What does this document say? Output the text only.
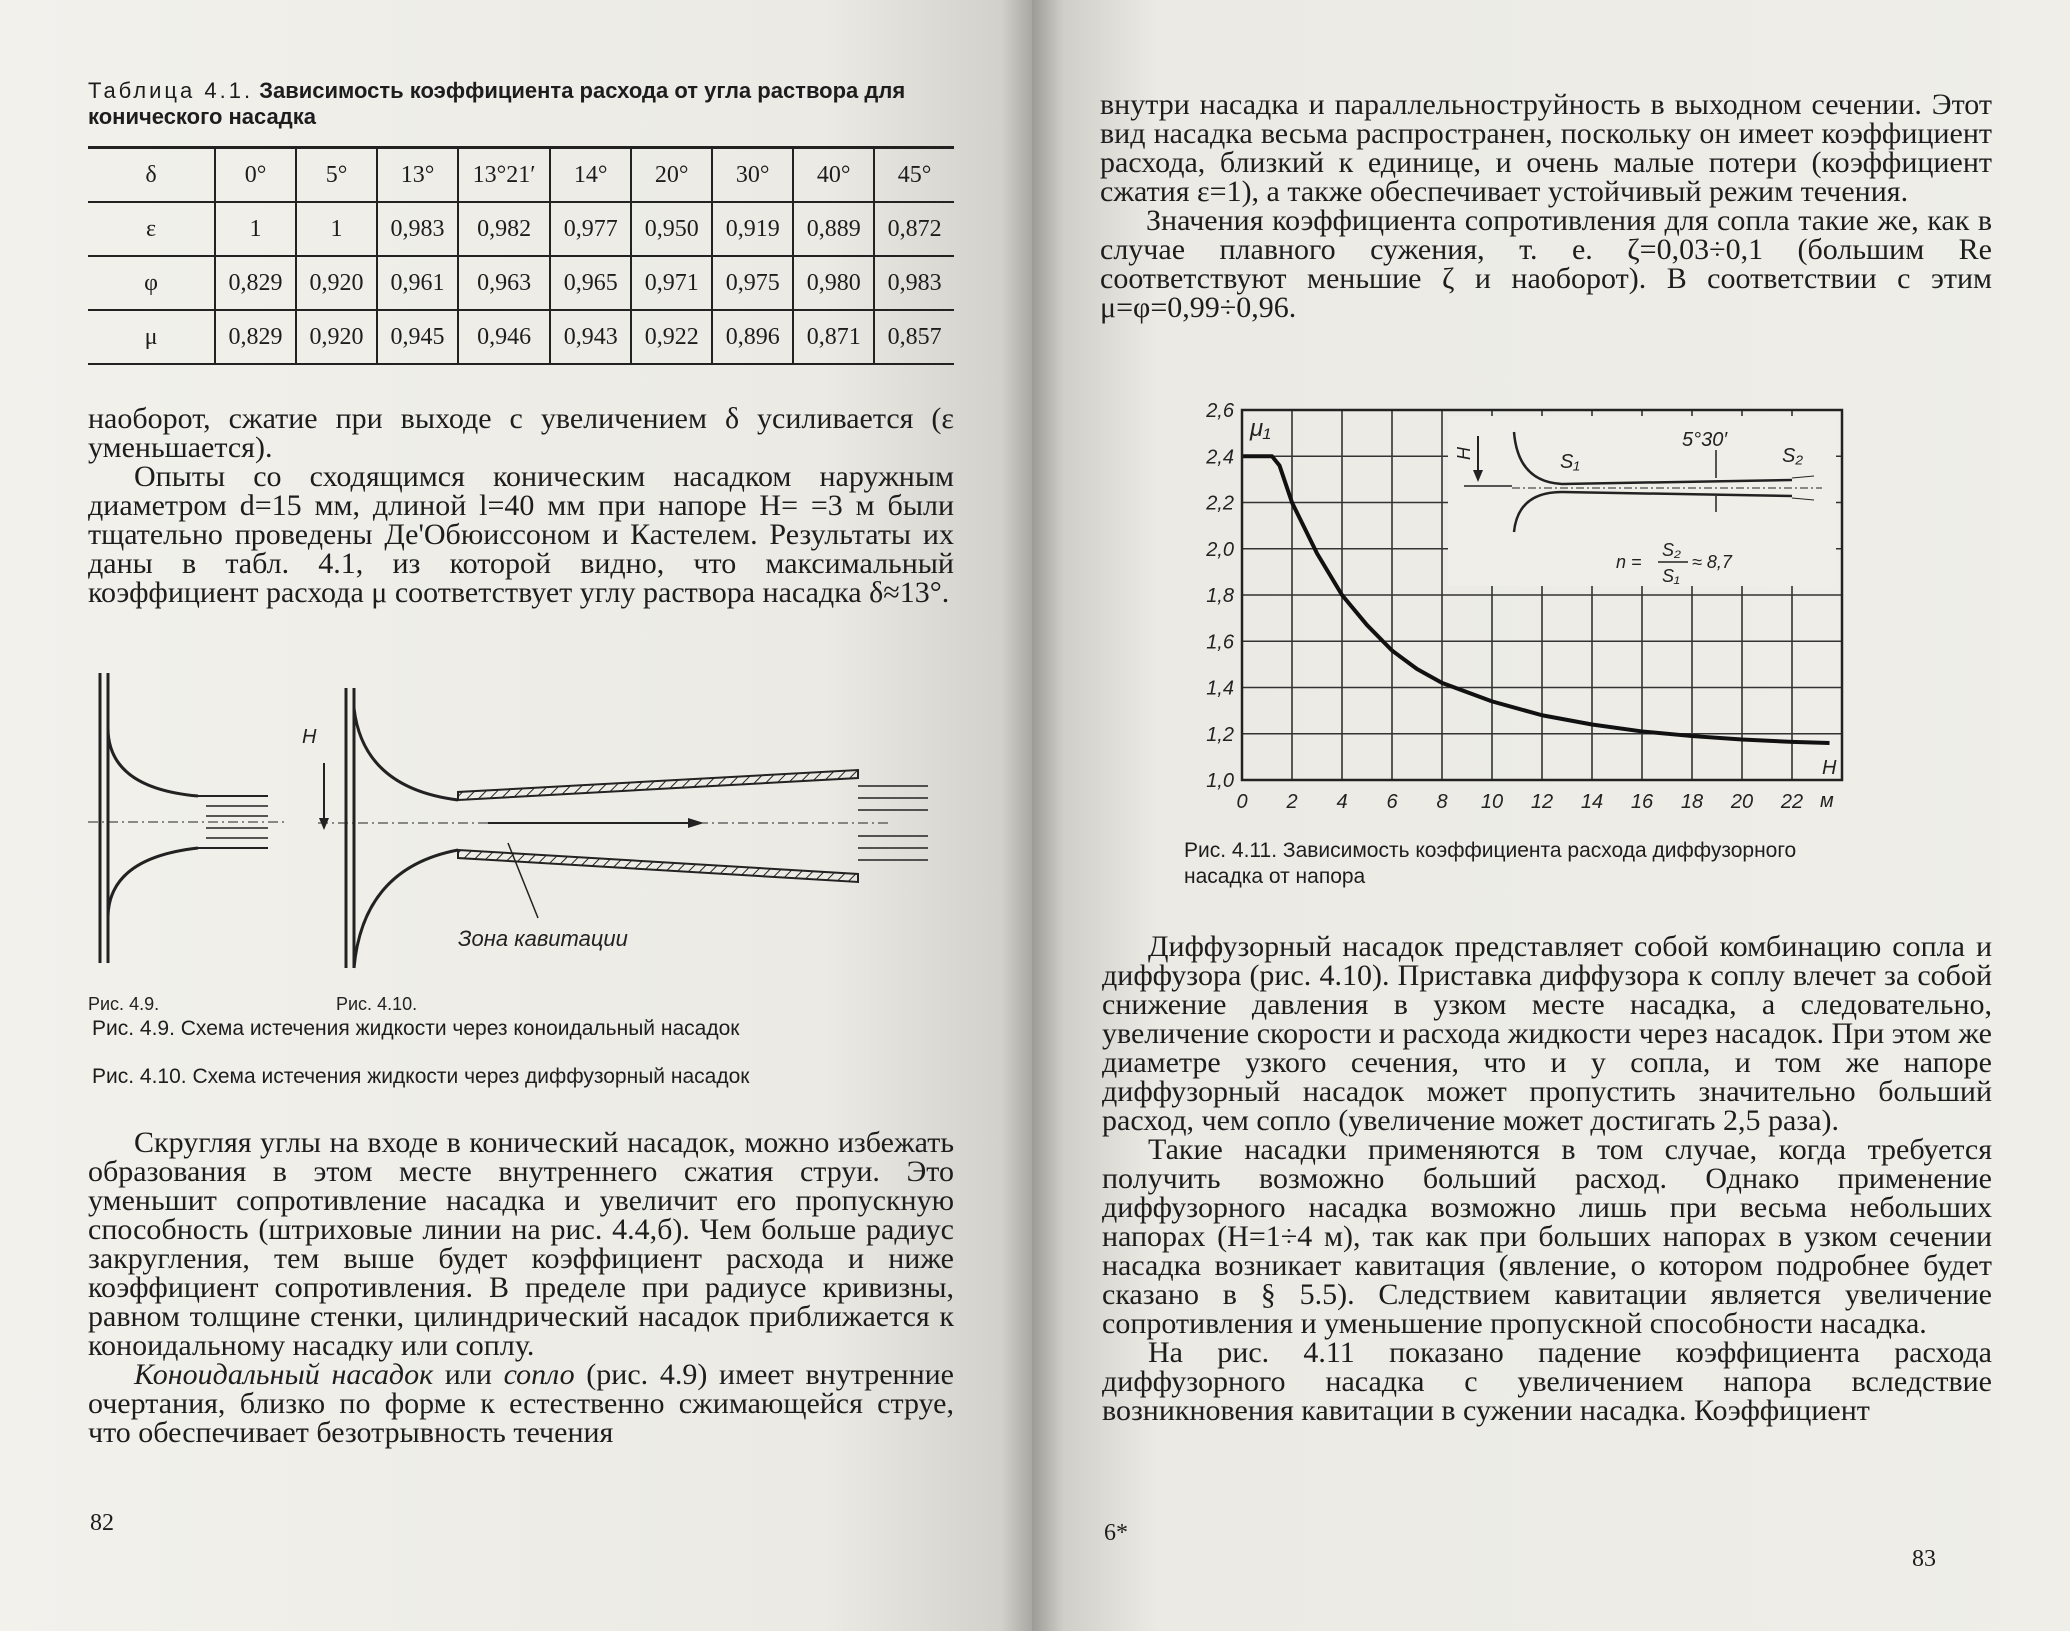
Таблица 4.1. Зависимость коэффициента расхода от угла раствора для конического насадка
δ	0°	5°	13°	13°21′	14°	20°	30°	40°	45°
ε	1	1	0,983	0,982	0,977	0,950	0,919	0,889	0,872
φ	0,829	0,920	0,961	0,963	0,965	0,971	0,975	0,980	0,983
μ	0,829	0,920	0,945	0,946	0,943	0,922	0,896	0,871	0,857

наоборот, сжатие при выходе с увеличением δ усиливается (ε уменьшается).

Опыты со сходящимся коническим насадком наружным диаметром d=15 мм, длиной l=40 мм при напоре H= =3 м были тщательно проведены Де'Обюиссоном и Кастелем. Результаты их даны в табл. 4.1, из которой видно, что максимальный коэффициент расхода μ соответствует углу раствора насадка δ≈13°.

H
Зона кавитации
Рис. 4.9.	Рис. 4.10.
Рис. 4.9. Схема истечения жидкости через коноидальный насадок
Рис. 4.10. Схема истечения жидкости через диффузорный насадок

Скругляя углы на входе в конический насадок, можно избежать образования в этом месте внутреннего сжатия струи. Это уменьшит сопротивление насадка и увеличит его пропускную способность (штриховые линии на рис. 4.4,б). Чем больше радиус закругления, тем выше будет коэффициент расхода и ниже коэффициент сопротивления. В пределе при радиусе кривизны, равном толщине стенки, цилиндрический насадок приближается к коноидальному насадку или соплу.

Коноидальный насадок или сопло (рис. 4.9) имеет внутренние очертания, близко по форме к естественно сжимающейся струе, что обеспечивает безотрывность течения

82

внутри насадка и параллельноструйность в выходном сечении. Этот вид насадка весьма распространен, поскольку он имеет коэффициент расхода, близкий к единице, и очень малые потери (коэффициент сжатия ε=1), а также обеспечивает устойчивый режим течения.

Значения коэффициента сопротивления для сопла такие же, как в случае плавного сужения, т. е. ζ=0,03÷0,1 (большим Re соответствуют меньшие ζ и наоборот). В соответствии с этим μ=φ=0,99÷0,96.

0 2 4 6 8 10 12 14 16 18 20 22
1,0
1,2
1,4
1,6
1,8
2,0
2,2
2,4
2,6
μ₁
H
м
S₁	S₂
5°30′
H
n =
S₂
S₁
≈ 8,7
Рис. 4.11. Зависимость коэффициента расхода диффузорного насадка от напора

Диффузорный насадок представляет собой комбинацию сопла и диффузора (рис. 4.10). Приставка диффузора к соплу влечет за собой снижение давления в узком месте насадка, а следовательно, увеличение скорости и расхода жидкости через насадок. При этом же диаметре узкого сечения, что и у сопла, и том же напоре диффузорный насадок может пропустить значительно больший расход, чем сопло (увеличение может достигать 2,5 раза).

Такие насадки применяются в том случае, когда требуется получить возможно больший расход. Однако применение диффузорного насадка возможно лишь при весьма небольших напорах (H=1÷4 м), так как при больших напорах в узком сечении насадка возникает кавитация (явление, о котором подробнее будет сказано в § 5.5). Следствием кавитации является увеличение сопротивления и уменьшение пропускной способности насадка.

На рис. 4.11 показано падение коэффициента расхода диффузорного насадка с увеличением напора вследствие возникновения кавитации в сужении насадка. Коэффициент

6*
83
